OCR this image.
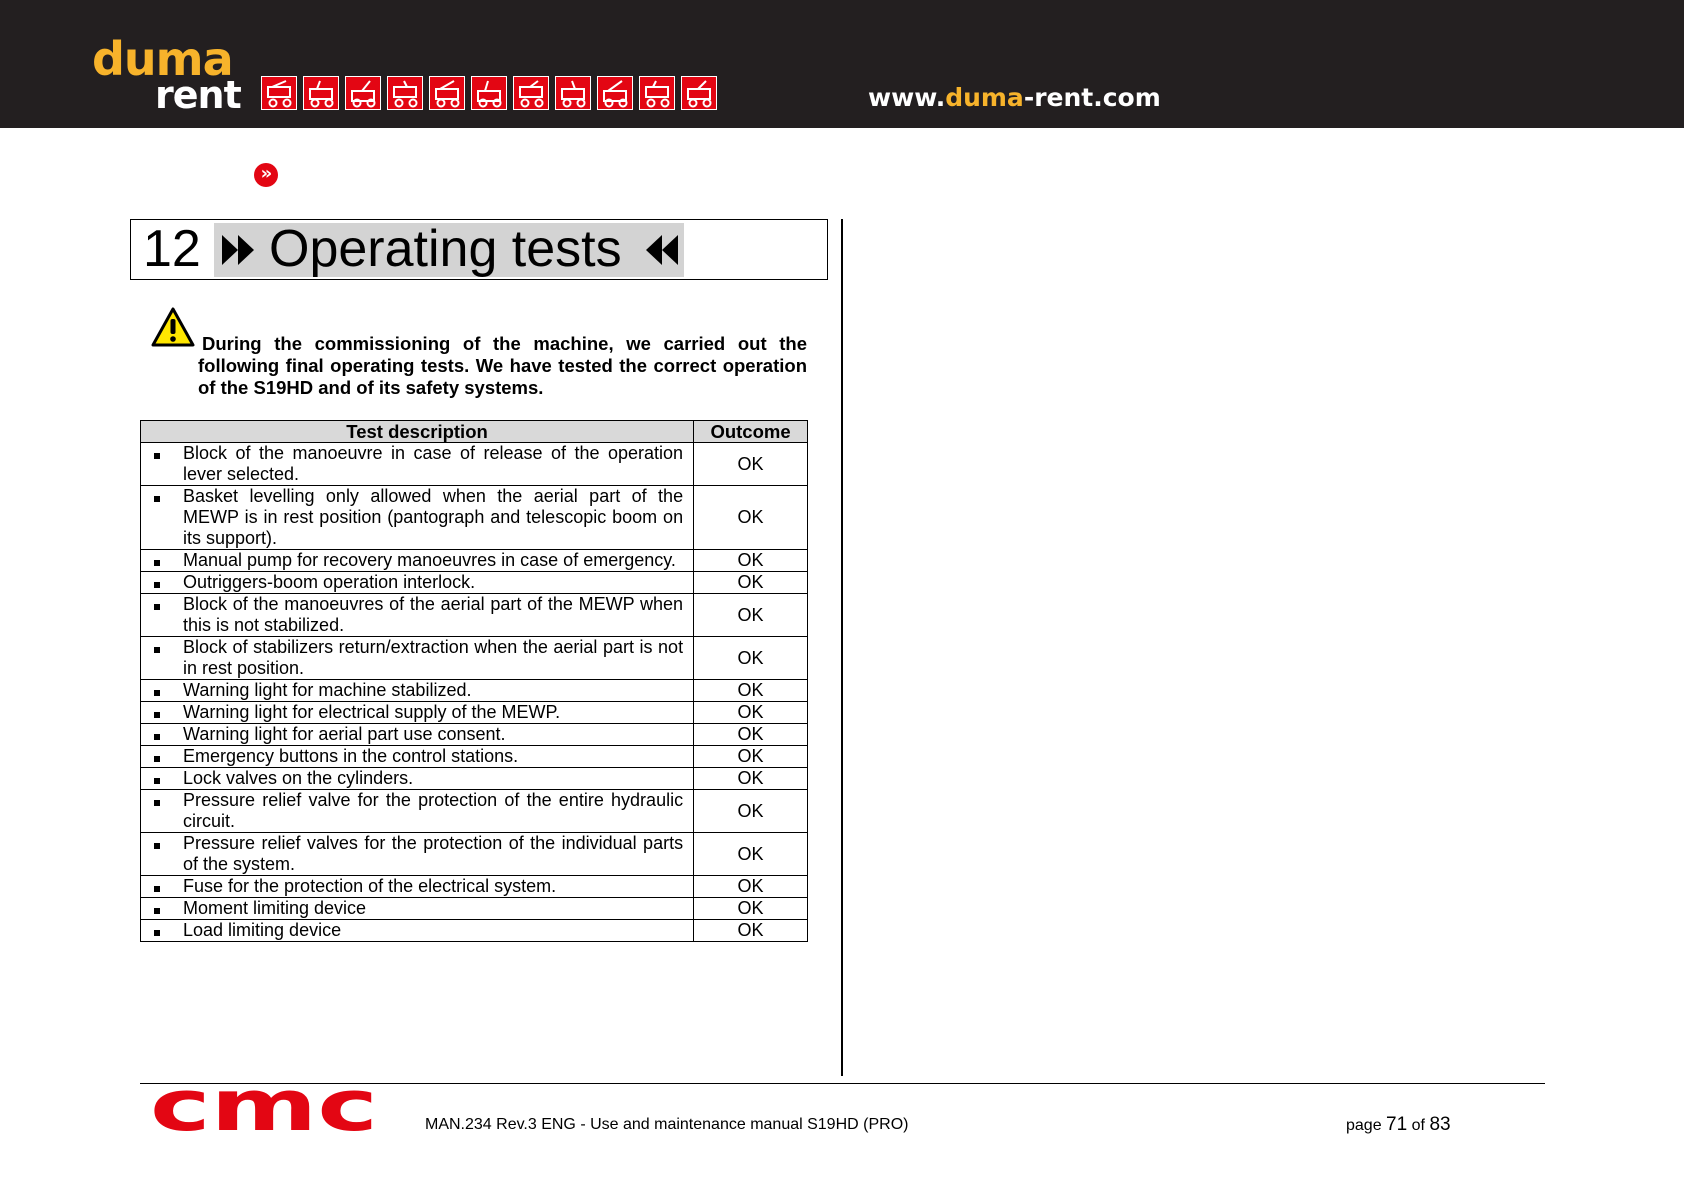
duma
»
rent	www.duma-rent.com
12	Operating tests

During the commissioning of the machine, we carried out the following final operating tests. We have tested the correct operation of the S19HD and of its safety systems.

Test description	Outcome

Block of the manoeuvre in case of release of the operation lever selected.	OK

Basket levelling only allowed when the aerial part of the MEWP is in rest position (pantograph and telescopic boom on its support).	OK

Manual pump for recovery manoeuvres in case of emergency.	OK

Outriggers-boom operation interlock.	OK

Block of the manoeuvres of the aerial part of the MEWP when this is not stabilized.	OK

Block of stabilizers return/extraction when the aerial part is not in rest position.	OK

Warning light for machine stabilized.	OK

Warning light for electrical supply of the MEWP.	OK

Warning light for aerial part use consent.	OK

Emergency buttons in the control stations.	OK

Lock valves on the cylinders.	OK

Pressure relief valve for the protection of the entire hydraulic circuit.	OK

Pressure relief valves for the protection of the individual parts of the system.	OK

Fuse for the protection of the electrical system.	OK

Moment limiting device	OK

Load limiting device	OK
cmc	MAN.234 Rev.3 ENG - Use and maintenance manual S19HD (PRO)	page 71 of 83
